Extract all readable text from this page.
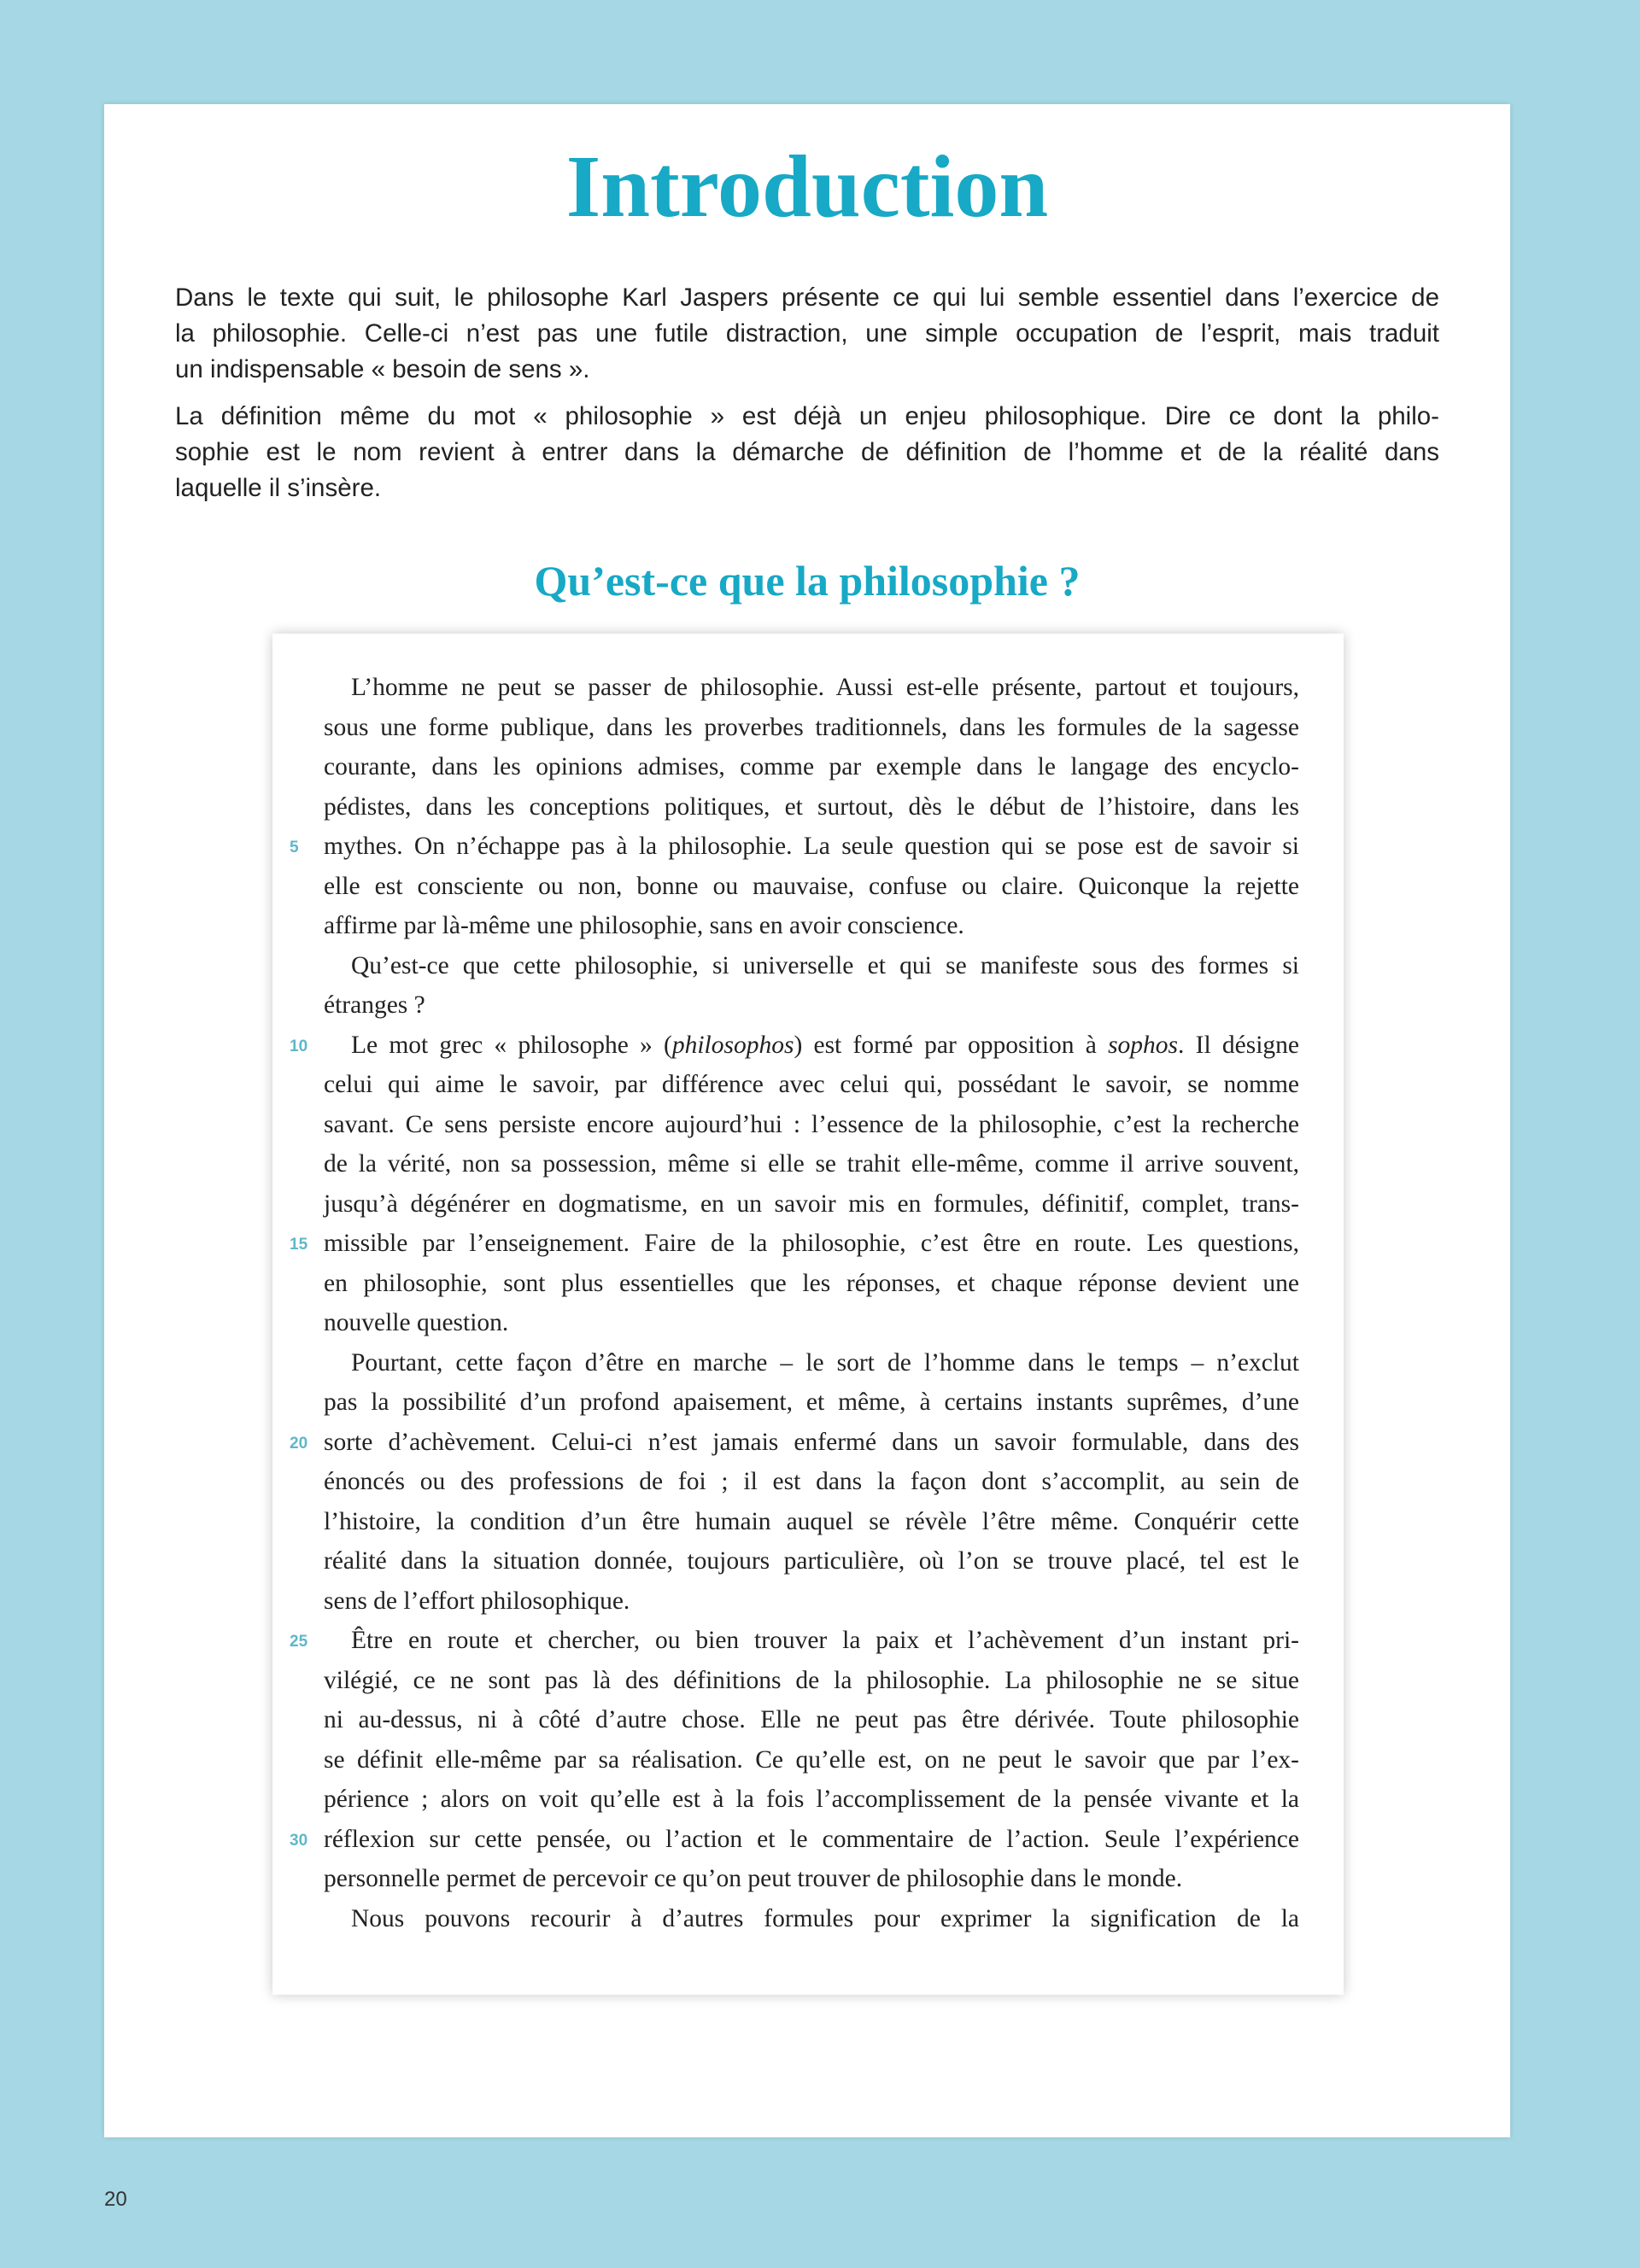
Introduction
Dans le texte qui suit, le philosophe Karl Jaspers présente ce qui lui semble essentiel dans l’exercice de
la philosophie. Celle-ci n’est pas une futile distraction, une simple occupation de l’esprit, mais traduit
un indispensable « besoin de sens ».
La définition même du mot « philosophie » est déjà un enjeu philosophique. Dire ce dont la philo-
sophie est le nom revient à entrer dans la démarche de définition de l’homme et de la réalité dans
laquelle il s’insère.
Qu’est-ce que la philosophie ?
L’homme ne peut se passer de philosophie. Aussi est-elle présente, partout et toujours,
sous une forme publique, dans les proverbes traditionnels, dans les formules de la sagesse
courante, dans les opinions admises, comme par exemple dans le langage des encyclo-
pédistes, dans les conceptions politiques, et surtout, dès le début de l’histoire, dans les
5 mythes. On n’échappe pas à la philosophie. La seule question qui se pose est de savoir si
elle est consciente ou non, bonne ou mauvaise, confuse ou claire. Quiconque la rejette
affirme par là-même une philosophie, sans en avoir conscience.
Qu’est-ce que cette philosophie, si universelle et qui se manifeste sous des formes si
étranges ?
10 Le mot grec « philosophe » (philosophos) est formé par opposition à sophos. Il désigne
celui qui aime le savoir, par différence avec celui qui, possédant le savoir, se nomme
savant. Ce sens persiste encore aujourd’hui : l’essence de la philosophie, c’est la recherche
de la vérité, non sa possession, même si elle se trahit elle-même, comme il arrive souvent,
jusqu’à dégénérer en dogmatisme, en un savoir mis en formules, définitif, complet, trans-
15 missible par l’enseignement. Faire de la philosophie, c’est être en route. Les questions,
en philosophie, sont plus essentielles que les réponses, et chaque réponse devient une
nouvelle question.
Pourtant, cette façon d’être en marche – le sort de l’homme dans le temps – n’exclut
pas la possibilité d’un profond apaisement, et même, à certains instants suprêmes, d’une
20 sorte d’achèvement. Celui-ci n’est jamais enfermé dans un savoir formulable, dans des
énoncés ou des professions de foi ; il est dans la façon dont s’accomplit, au sein de
l’histoire, la condition d’un être humain auquel se révèle l’être même. Conquérir cette
réalité dans la situation donnée, toujours particulière, où l’on se trouve placé, tel est le
sens de l’effort philosophique.
25 Être en route et chercher, ou bien trouver la paix et l’achèvement d’un instant pri-
vilégié, ce ne sont pas là des définitions de la philosophie. La philosophie ne se situe
ni au-dessus, ni à côté d’autre chose. Elle ne peut pas être dérivée. Toute philosophie
se définit elle-même par sa réalisation. Ce qu’elle est, on ne peut le savoir que par l’ex-
périence ; alors on voit qu’elle est à la fois l’accomplissement de la pensée vivante et la
30 réflexion sur cette pensée, ou l’action et le commentaire de l’action. Seule l’expérience
personnelle permet de percevoir ce qu’on peut trouver de philosophie dans le monde.
Nous pouvons recourir à d’autres formules pour exprimer la signification de la
20
